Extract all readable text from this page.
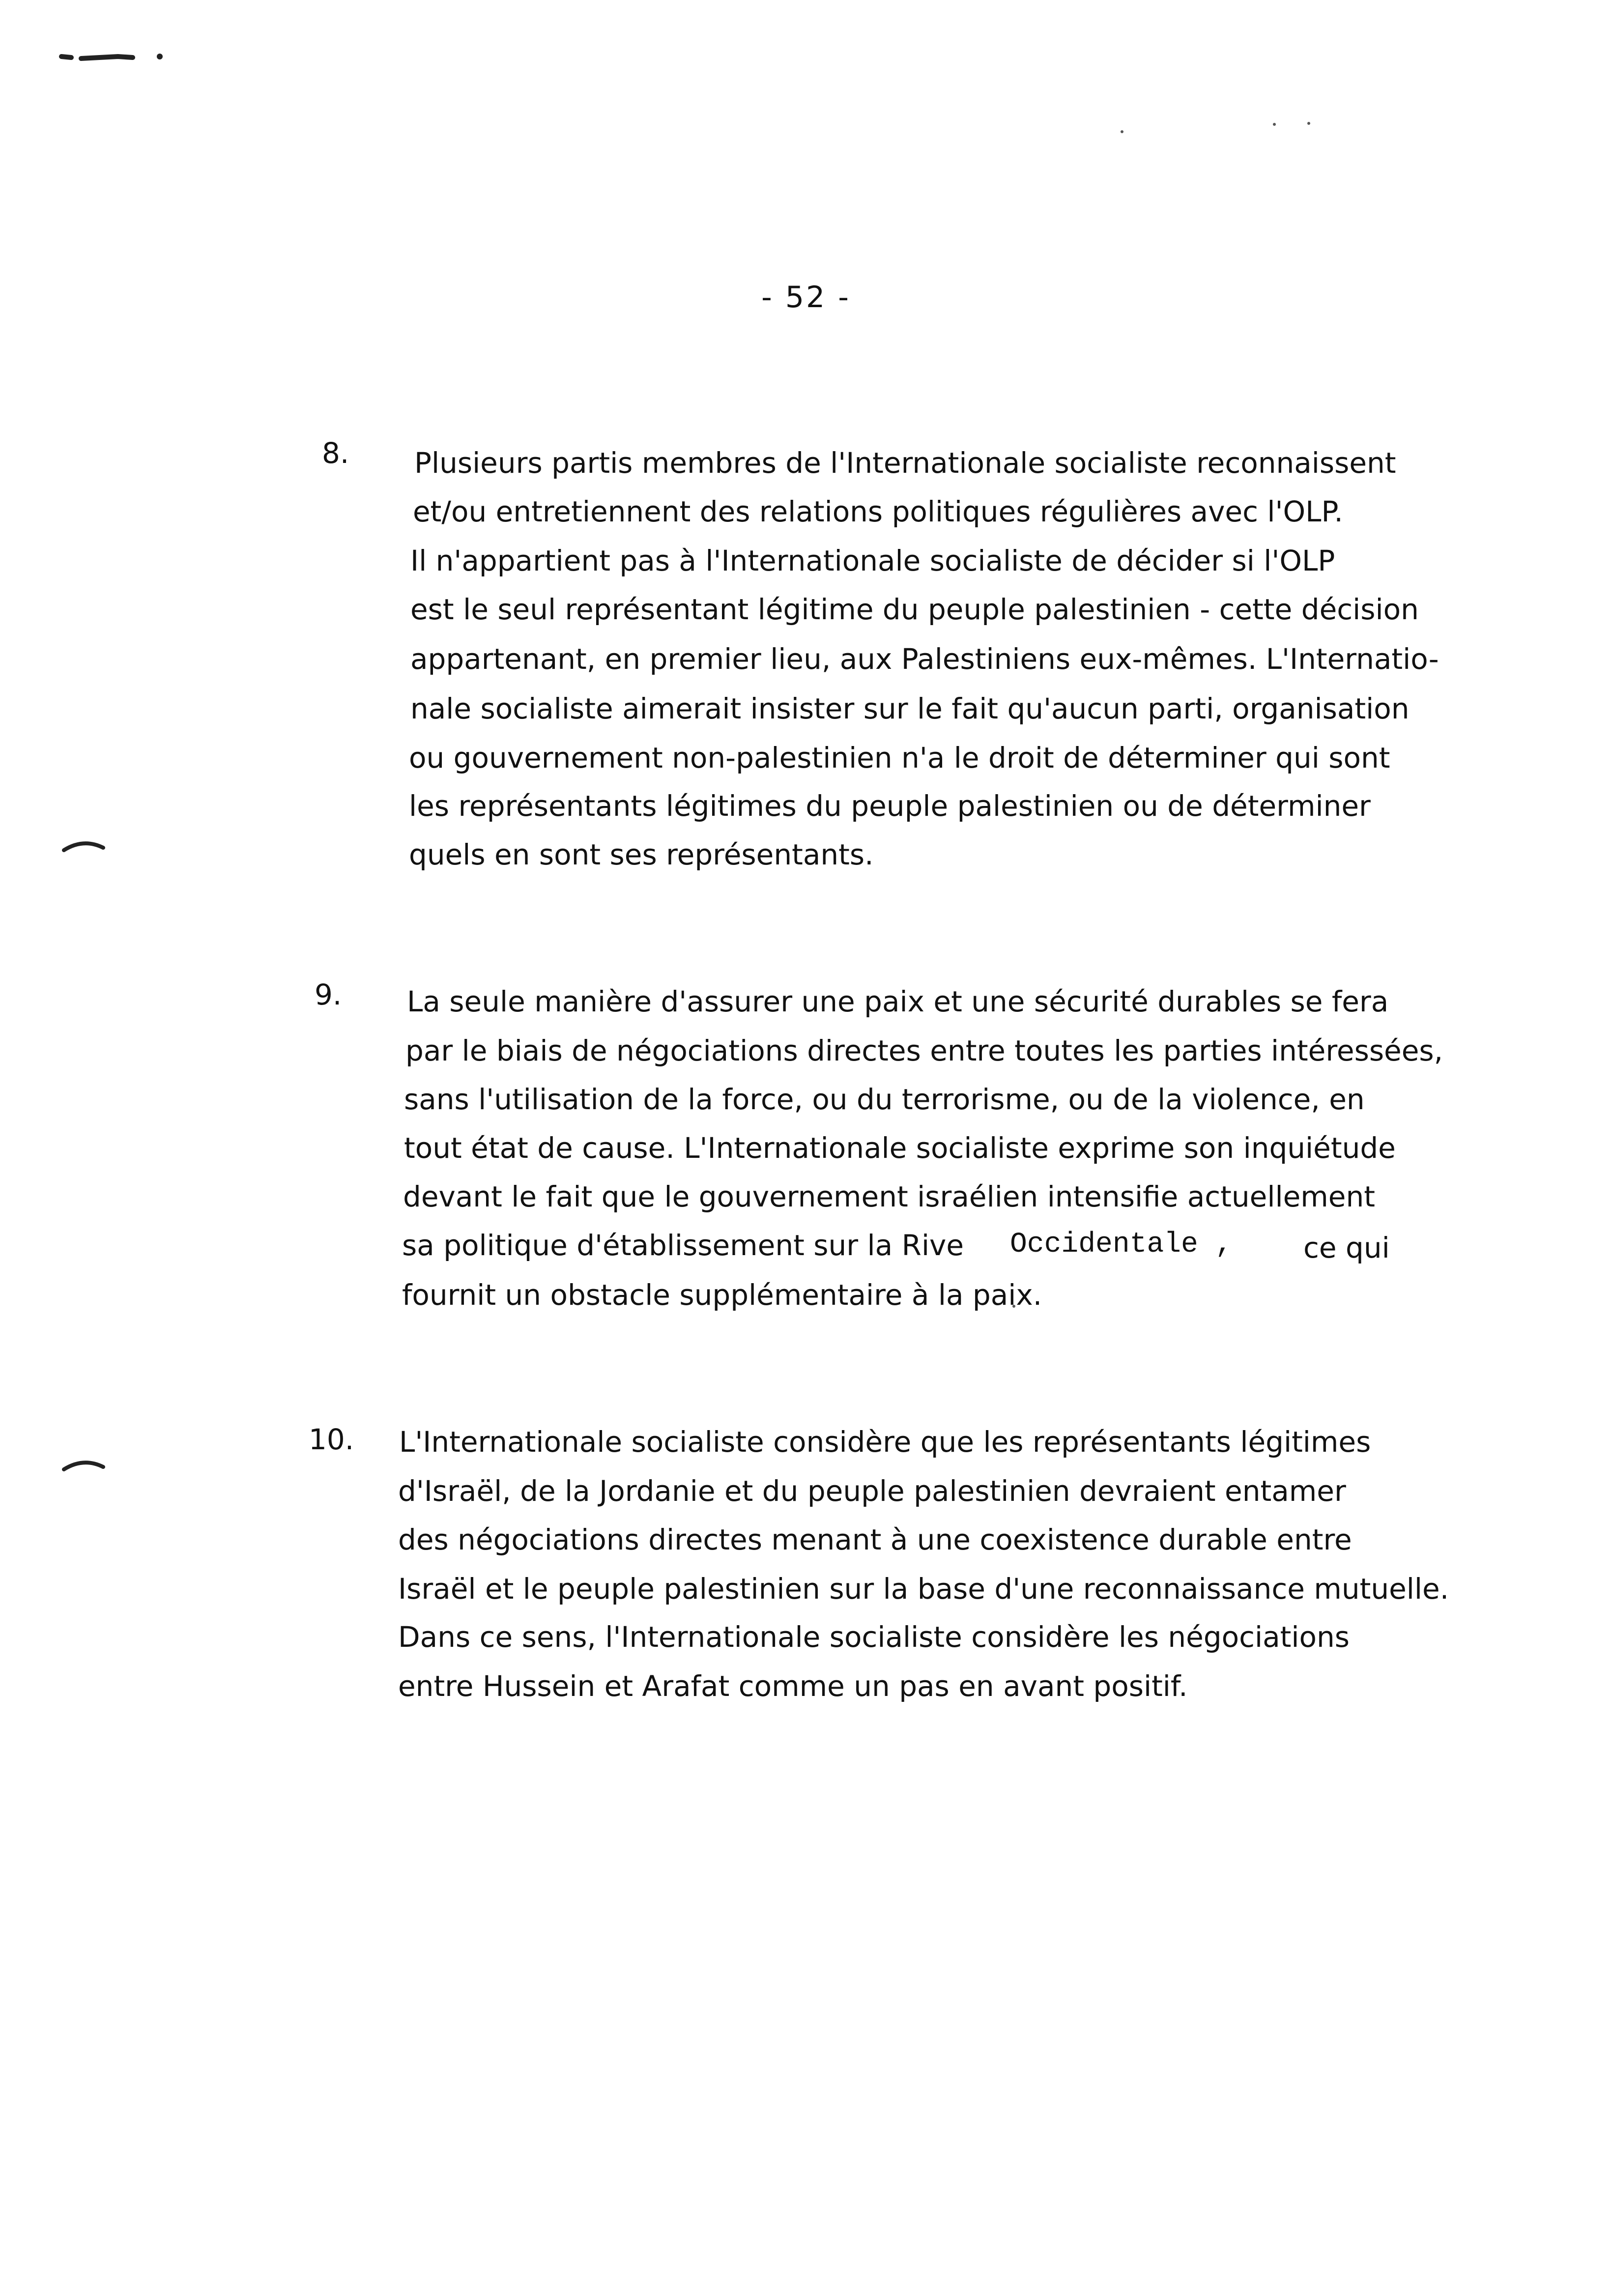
- 52 -
8. Plusieurs partis membres de l'Internationale socialiste reconnaissent
et/ou entretiennent des relations politiques régulières avec l'OLP.
Il n'appartient pas à l'Internationale socialiste de décider si l'OLP
est le seul représentant légitime du peuple palestinien - cette décision
appartenant, en premier lieu, aux Palestiniens eux-mêmes. L'Internatio-
nale socialiste aimerait insister sur le fait qu'aucun parti, organisation
ou gouvernement non-palestinien n'a le droit de déterminer qui sont
les représentants légitimes du peuple palestinien ou de déterminer
quels en sont ses représentants.
9. La seule manière d'assurer une paix et une sécurité durables se fera
par le biais de négociations directes entre toutes les parties intéressées,
sans l'utilisation de la force, ou du terrorisme, ou de la violence, en
tout état de cause. L'Internationale socialiste exprime son inquiétude
devant le fait que le gouvernement israélien intensifie actuellement
sa politique d'établissement sur la Rive Occidentale , ce qui
fournit un obstacle supplémentaire à la paix.
10. L'Internationale socialiste considère que les représentants légitimes
d'Israël, de la Jordanie et du peuple palestinien devraient entamer
des négociations directes menant à une coexistence durable entre
Israël et le peuple palestinien sur la base d'une reconnaissance mutuelle.
Dans ce sens, l'Internationale socialiste considère les négociations
entre Hussein et Arafat comme un pas en avant positif.
